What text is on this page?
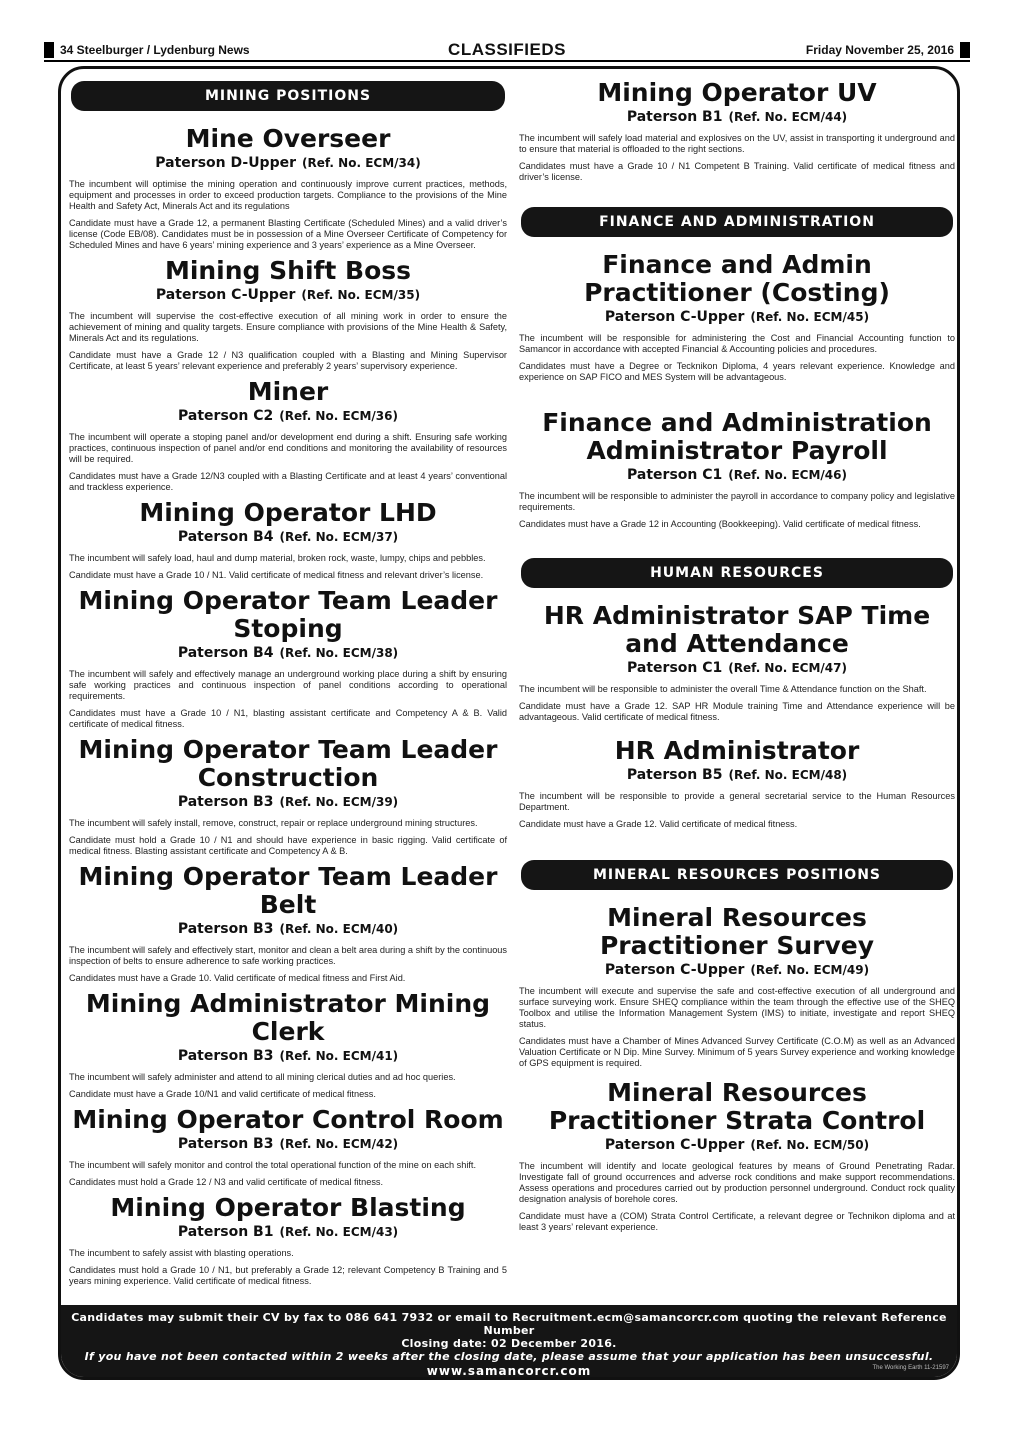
34 Steelburger / Lydenburg News	CLASSIFIEDS	Friday November 25, 2016
MINING POSITIONS
Mine Overseer
Paterson D-Upper (Ref. No. ECM/34)

The incumbent will optimise the mining operation and continuously improve current practices, methods, equipment and processes in order to exceed production targets. Compliance to the provisions of the Mine Health and Safety Act, Minerals Act and its regulations

Candidate must have a Grade 12, a permanent Blasting Certificate (Scheduled Mines) and a valid driver’s license (Code EB/08). Candidates must be in possession of a Mine Overseer Certificate of Competency for Scheduled Mines and have 6 years’ mining experience and 3 years’ experience as a Mine Overseer.

Mining Shift Boss
Paterson C-Upper (Ref. No. ECM/35)

The incumbent will supervise the cost-effective execution of all mining work in order to ensure the achievement of mining and quality targets. Ensure compliance with provisions of the Mine Health & Safety, Minerals Act and its regulations.

Candidate must have a Grade 12 / N3 qualification coupled with a Blasting and Mining Supervisor Certificate, at least 5 years’ relevant experience and preferably 2 years’ supervisory experience.

Miner
Paterson C2 (Ref. No. ECM/36)

The incumbent will operate a stoping panel and/or development end during a shift. Ensuring safe working practices, continuous inspection of panel and/or end conditions and monitoring the availability of resources will be required.

Candidates must have a Grade 12/N3 coupled with a Blasting Certificate and at least 4 years’ conventional and trackless experience.

Mining Operator LHD
Paterson B4 (Ref. No. ECM/37)

The incumbent will safely load, haul and dump material, broken rock, waste, lumpy, chips and pebbles.

Candidate must have a Grade 10 / N1. Valid certificate of medical fitness and relevant driver’s license.

Mining Operator Team Leader Stoping
Paterson B4 (Ref. No. ECM/38)

The incumbent will safely and effectively manage an underground working place during a shift by ensuring safe working practices and continuous inspection of panel conditions according to operational requirements.

Candidates must have a Grade 10 / N1, blasting assistant certificate and Competency A & B. Valid certificate of medical fitness.

Mining Operator Team Leader Construction
Paterson B3 (Ref. No. ECM/39)

The incumbent will safely install, remove, construct, repair or replace underground mining structures.

Candidate must hold a Grade 10 / N1 and should have experience in basic rigging. Valid certificate of medical fitness. Blasting assistant certificate and Competency A & B.

Mining Operator Team Leader Belt
Paterson B3 (Ref. No. ECM/40)

The incumbent will safely and effectively start, monitor and clean a belt area during a shift by the continuous inspection of belts to ensure adherence to safe working practices.

Candidates must have a Grade 10. Valid certificate of medical fitness and First Aid.

Mining Administrator Mining Clerk
Paterson B3 (Ref. No. ECM/41)

The incumbent will safely administer and attend to all mining clerical duties and ad hoc queries.

Candidate must have a Grade 10/N1 and valid certificate of medical fitness.

Mining Operator Control Room
Paterson B3 (Ref. No. ECM/42)

The incumbent will safely monitor and control the total operational function of the mine on each shift.

Candidates must hold a Grade 12 / N3 and valid certificate of medical fitness.

Mining Operator Blasting
Paterson B1 (Ref. No. ECM/43)

The incumbent to safely assist with blasting operations.

Candidates must hold a Grade 10 / N1, but preferably a Grade 12; relevant Competency B Training and 5 years mining experience. Valid certificate of medical fitness.

Mining Operator UV
Paterson B1 (Ref. No. ECM/44)

The incumbent will safely load material and explosives on the UV, assist in transporting it underground and to ensure that material is offloaded to the right sections.

Candidates must have a Grade 10 / N1 Competent B Training. Valid certificate of medical fitness and driver’s license.

FINANCE AND ADMINISTRATION
Finance and Admin Practitioner (Costing)
Paterson C-Upper (Ref. No. ECM/45)

The incumbent will be responsible for administering the Cost and Financial Accounting function to Samancor in accordance with accepted Financial & Accounting policies and procedures.

Candidates must have a Degree or Tecknikon Diploma, 4 years relevant experience. Knowledge and experience on SAP FICO and MES System will be advantageous.

Finance and Administration Administrator Payroll
Paterson C1 (Ref. No. ECM/46)

The incumbent will be responsible to administer the payroll in accordance to company policy and legislative requirements.

Candidates must have a Grade 12 in Accounting (Bookkeeping). Valid certificate of medical fitness.

HUMAN RESOURCES
HR Administrator SAP Time and Attendance
Paterson C1 (Ref. No. ECM/47)

The incumbent will be responsible to administer the overall Time & Attendance function on the Shaft.

Candidate must have a Grade 12. SAP HR Module training Time and Attendance experience will be advantageous. Valid certificate of medical fitness.

HR Administrator
Paterson B5 (Ref. No. ECM/48)

The incumbent will be responsible to provide a general secretarial service to the Human Resources Department.

Candidate must have a Grade 12. Valid certificate of medical fitness.

MINERAL RESOURCES POSITIONS
Mineral Resources Practitioner Survey
Paterson C-Upper (Ref. No. ECM/49)

The incumbent will execute and supervise the safe and cost-effective execution of all underground and surface surveying work. Ensure SHEQ compliance within the team through the effective use of the SHEQ Toolbox and utilise the Information Management System (IMS) to initiate, investigate and report SHEQ status.

Candidates must have a Chamber of Mines Advanced Survey Certificate (C.O.M) as well as an Advanced Valuation Certificate or N Dip. Mine Survey. Minimum of 5 years Survey experience and working knowledge of GPS equipment is required.

Mineral Resources Practitioner Strata Control
Paterson C-Upper (Ref. No. ECM/50)

The incumbent will identify and locate geological features by means of Ground Penetrating Radar. Investigate fall of ground occurrences and adverse rock conditions and make support recommendations. Assess operations and procedures carried out by production personnel underground. Conduct rock quality designation analysis of borehole cores.

Candidate must have a (COM) Strata Control Certificate, a relevant degree or Technikon diploma and at least 3 years’ relevant experience.

Candidates may submit their CV by fax to 086 641 7932 or email to Recruitment.ecm@samancorcr.com quoting the relevant Reference Number
Closing date: 02 December 2016.
If you have not been contacted within 2 weeks after the closing date, please assume that your application has been unsuccessful.
www.samancorcr.com	The Working Earth 11-21597
